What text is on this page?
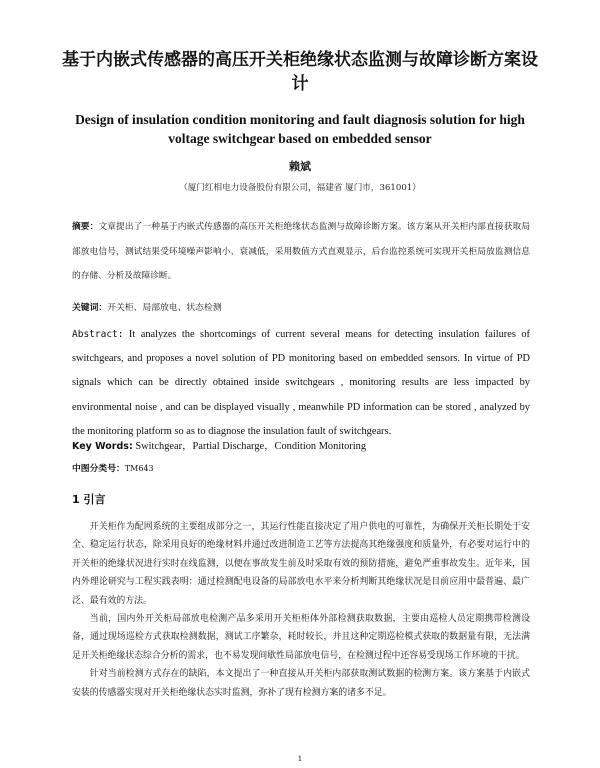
基于内嵌式传感器的高压开关柜绝缘状态监测与故障诊断方案设计
Design of insulation condition monitoring and fault diagnosis solution for high voltage switchgear based on embedded sensor
赖斌
（厦门红相电力设备股份有限公司，福建省 厦门市，361001）
摘要：文章提出了一种基于内嵌式传感器的高压开关柜绝缘状态监测与故障诊断方案。该方案从开关柜内部直接获取局部放电信号，测试结果受环境噪声影响小、衰减低，采用数值方式直观显示，后台监控系统可实现开关柜局放监测信息的存储、分析及故障诊断。
关键词：开关柜、局部放电、状态检测
Abstract: It analyzes the shortcomings of current several means for detecting insulation failures of switchgears, and proposes a novel solution of PD monitoring based on embedded sensors. In virtue of PD signals which can be directly obtained inside switchgears , monitoring results are less impacted by environmental noise , and can be displayed visually , meanwhile PD information can be stored , analyzed by the monitoring platform so as to diagnose the insulation fault of switchgears.
Key Words: Switchgear，Partial Discharge，Condition Monitoring
中图分类号：TM643
1 引言

开关柜作为配网系统的主要组成部分之一，其运行性能直接决定了用户供电的可靠性，为确保开关柜长期处于安全、稳定运行状态，除采用良好的绝缘材料并通过改进制造工艺等方法提高其绝缘强度和质量外，有必要对运行中的开关柜的绝缘状况进行实时在线监测，以便在事故发生前及时采取有效的预防措施，避免严重事故发生。近年来，国内外理论研究与工程实践表明：通过检测配电设备的局部放电水平来分析判断其绝缘状况是目前应用中最普遍、最广泛、最有效的方法。

当前，国内外开关柜局部放电检测产品多采用开关柜柜体外部检测获取数据，主要由巡检人员定期携带检测设备，通过现场巡检方式获取检测数据，测试工序繁杂，耗时较长，并且这种定期巡检模式获取的数据量有限，无法满足开关柜绝缘状态综合分析的需求，也不易发现间歇性局部放电信号，在检测过程中还容易受现场工作环境的干扰。

针对当前检测方式存在的缺陷，本文提出了一种直接从开关柜内部获取测试数据的检测方案。该方案基于内嵌式安装的传感器实现对开关柜绝缘状态实时监测，弥补了现有检测方案的诸多不足。

1
